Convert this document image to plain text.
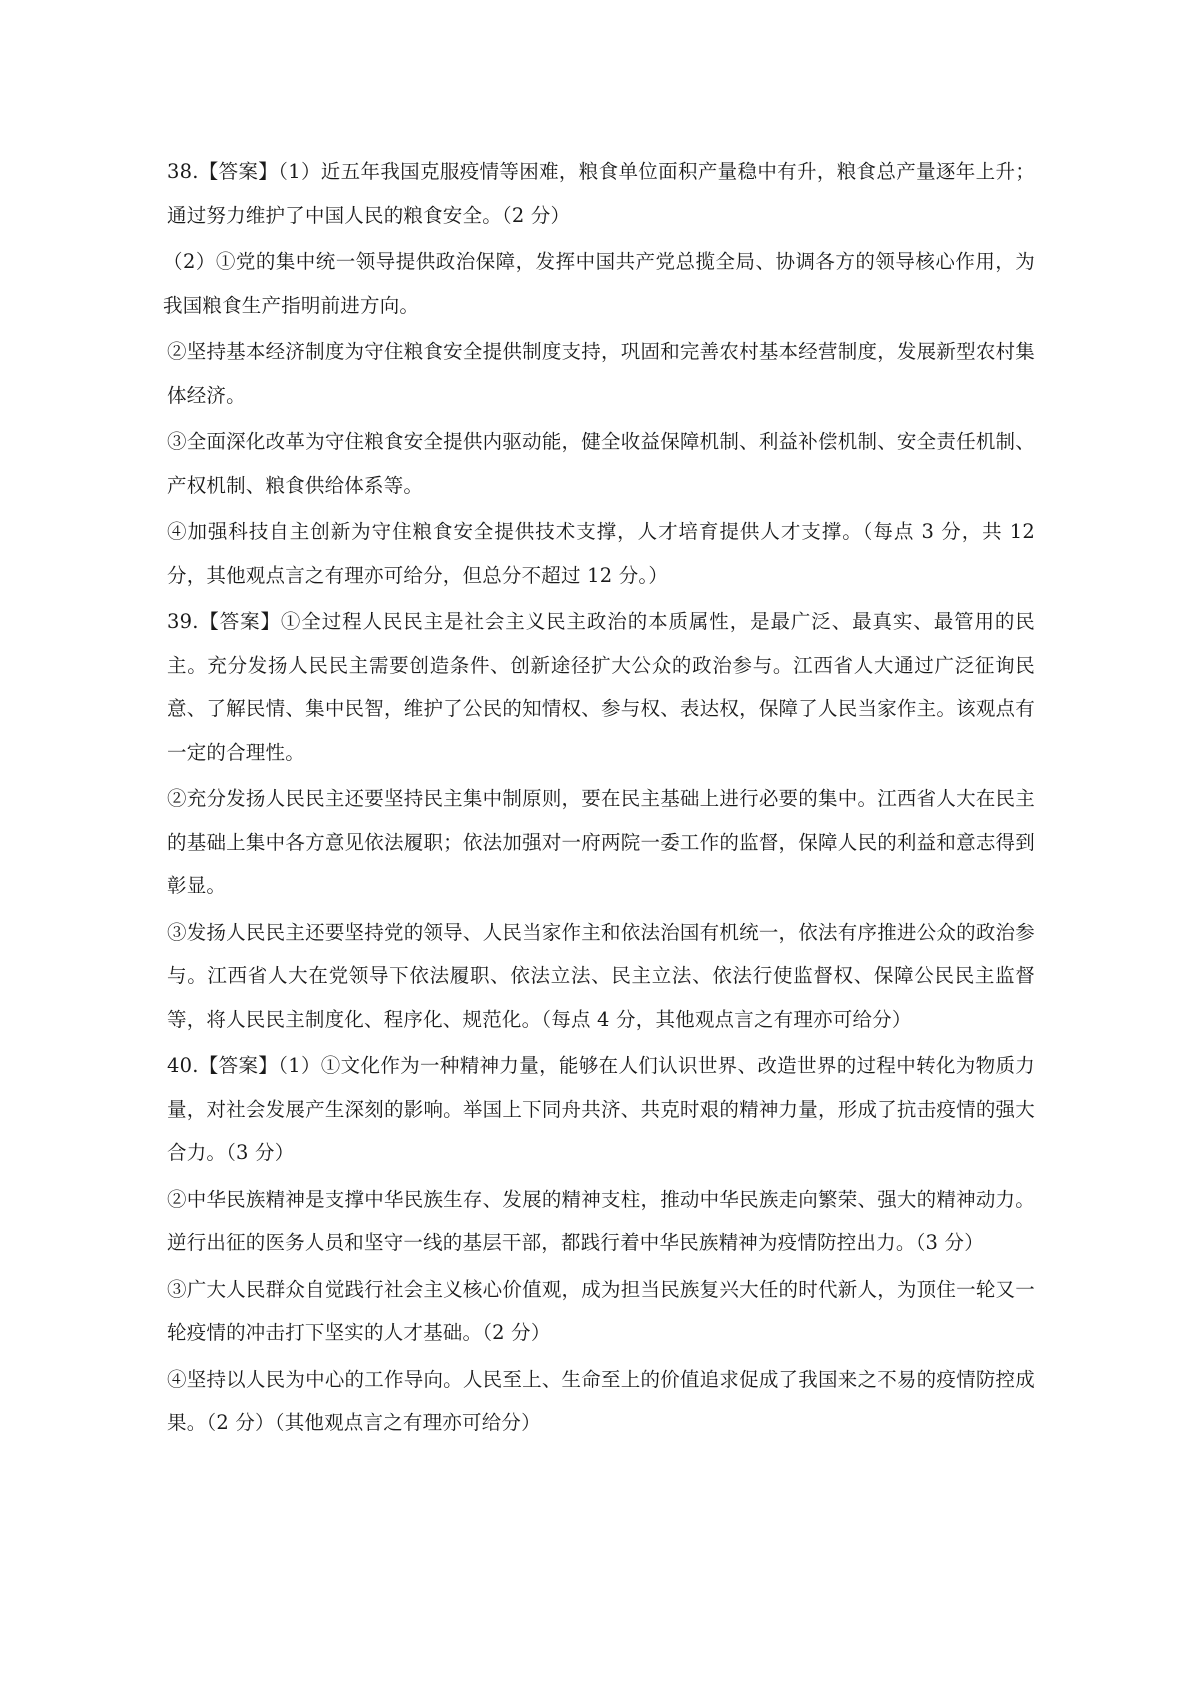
38.【答案】（1）近五年我国克服疫情等困难，粮食单位面积产量稳中有升，粮食总产量逐年上升；通过努力维护了中国人民的粮食安全。（2 分）

（2）①党的集中统一领导提供政治保障，发挥中国共产党总揽全局、协调各方的领导核心作用，为我国粮食生产指明前进方向。

②坚持基本经济制度为守住粮食安全提供制度支持，巩固和完善农村基本经营制度，发展新型农村集体经济。

③全面深化改革为守住粮食安全提供内驱动能，健全收益保障机制、利益补偿机制、安全责任机制、产权机制、粮食供给体系等。

④加强科技自主创新为守住粮食安全提供技术支撑，人才培育提供人才支撑。（每点 3 分，共 12 分，其他观点言之有理亦可给分，但总分不超过 12 分。）

39.【答案】①全过程人民民主是社会主义民主政治的本质属性，是最广泛、最真实、最管用的民主。充分发扬人民民主需要创造条件、创新途径扩大公众的政治参与。江西省人大通过广泛征询民意、了解民情、集中民智，维护了公民的知情权、参与权、表达权，保障了人民当家作主。该观点有一定的合理性。

②充分发扬人民民主还要坚持民主集中制原则，要在民主基础上进行必要的集中。江西省人大在民主的基础上集中各方意见依法履职；依法加强对一府两院一委工作的监督，保障人民的利益和意志得到彰显。

③发扬人民民主还要坚持党的领导、人民当家作主和依法治国有机统一，依法有序推进公众的政治参与。江西省人大在党领导下依法履职、依法立法、民主立法、依法行使监督权、保障公民民主监督等，将人民民主制度化、程序化、规范化。（每点 4 分，其他观点言之有理亦可给分）

40.【答案】（1）①文化作为一种精神力量，能够在人们认识世界、改造世界的过程中转化为物质力量，对社会发展产生深刻的影响。举国上下同舟共济、共克时艰的精神力量，形成了抗击疫情的强大合力。（3 分）

②中华民族精神是支撑中华民族生存、发展的精神支柱，推动中华民族走向繁荣、强大的精神动力。逆行出征的医务人员和坚守一线的基层干部，都践行着中华民族精神为疫情防控出力。（3 分）

③广大人民群众自觉践行社会主义核心价值观，成为担当民族复兴大任的时代新人，为顶住一轮又一轮疫情的冲击打下坚实的人才基础。（2 分）

④坚持以人民为中心的工作导向。人民至上、生命至上的价值追求促成了我国来之不易的疫情防控成果。（2 分）（其他观点言之有理亦可给分）
